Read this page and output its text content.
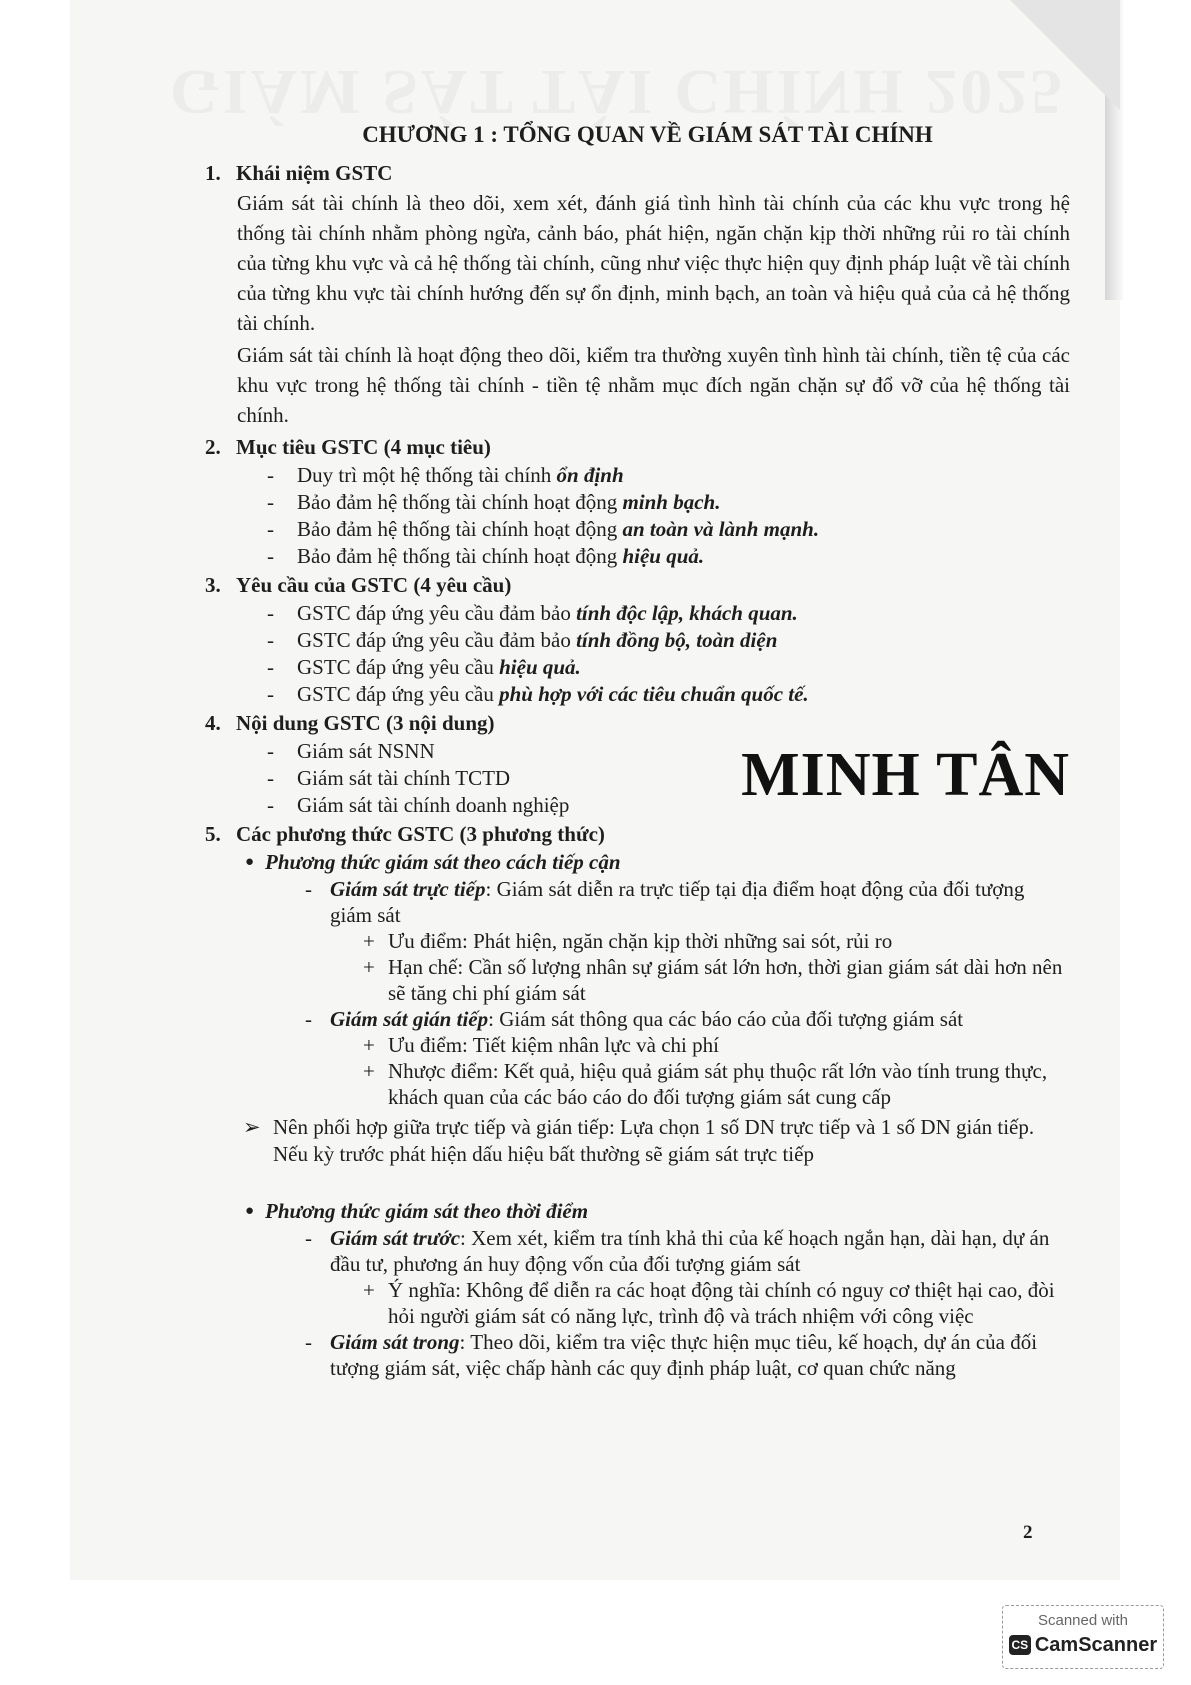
GIÁM SÁT TÀI CHÍNH 2025
CHƯƠNG 1 : TỔNG QUAN VỀ GIÁM SÁT TÀI CHÍNH

1. Khái niệm GSTC

Giám sát tài chính là theo dõi, xem xét, đánh giá tình hình tài chính của các khu vực trong hệ thống tài chính nhằm phòng ngừa, cảnh báo, phát hiện, ngăn chặn kịp thời những rủi ro tài chính của từng khu vực và cả hệ thống tài chính, cũng như việc thực hiện quy định pháp luật về tài chính của từng khu vực tài chính hướng đến sự ổn định, minh bạch, an toàn và hiệu quả của cả hệ thống tài chính.

Giám sát tài chính là hoạt động theo dõi, kiểm tra thường xuyên tình hình tài chính, tiền tệ của các khu vực trong hệ thống tài chính - tiền tệ nhằm mục đích ngăn chặn sự đổ vỡ của hệ thống tài chính.

2. Mục tiêu GSTC (4 mục tiêu)

- Duy trì một hệ thống tài chính ổn định
- Bảo đảm hệ thống tài chính hoạt động minh bạch.
- Bảo đảm hệ thống tài chính hoạt động an toàn và lành mạnh.
- Bảo đảm hệ thống tài chính hoạt động hiệu quả.

3. Yêu cầu của GSTC (4 yêu cầu)

- GSTC đáp ứng yêu cầu đảm bảo tính độc lập, khách quan.
- GSTC đáp ứng yêu cầu đảm bảo tính đồng bộ, toàn diện
- GSTC đáp ứng yêu cầu hiệu quả.
- GSTC đáp ứng yêu cầu phù hợp với các tiêu chuẩn quốc tế.

4. Nội dung GSTC (3 nội dung)

- Giám sát NSNN
- Giám sát tài chính TCTD
- Giám sát tài chính doanh nghiệp	MINH TÂN

5. Các phương thức GSTC (3 phương thức)

● Phương thức giám sát theo cách tiếp cận

- Giám sát trực tiếp: Giám sát diễn ra trực tiếp tại địa điểm hoạt động của đối tượng giám sát

+ Ưu điểm: Phát hiện, ngăn chặn kịp thời những sai sót, rủi ro

+ Hạn chế: Cần số lượng nhân sự giám sát lớn hơn, thời gian giám sát dài hơn nên sẽ tăng chi phí giám sát

- Giám sát gián tiếp: Giám sát thông qua các báo cáo của đối tượng giám sát

+ Ưu điểm: Tiết kiệm nhân lực và chi phí

+ Nhược điểm: Kết quả, hiệu quả giám sát phụ thuộc rất lớn vào tính trung thực, khách quan của các báo cáo do đối tượng giám sát cung cấp

➢ Nên phối hợp giữa trực tiếp và gián tiếp: Lựa chọn 1 số DN trực tiếp và 1 số DN gián tiếp. Nếu kỳ trước phát hiện dấu hiệu bất thường sẽ giám sát trực tiếp

● Phương thức giám sát theo thời điểm

- Giám sát trước: Xem xét, kiểm tra tính khả thi của kế hoạch ngắn hạn, dài hạn, dự án đầu tư, phương án huy động vốn của đối tượng giám sát

+ Ý nghĩa: Không để diễn ra các hoạt động tài chính có nguy cơ thiệt hại cao, đòi hỏi người giám sát có năng lực, trình độ và trách nhiệm với công việc

- Giám sát trong: Theo dõi, kiểm tra việc thực hiện mục tiêu, kế hoạch, dự án của đối tượng giám sát, việc chấp hành các quy định pháp luật, cơ quan chức năng

2
Scanned with
CS CamScanner
